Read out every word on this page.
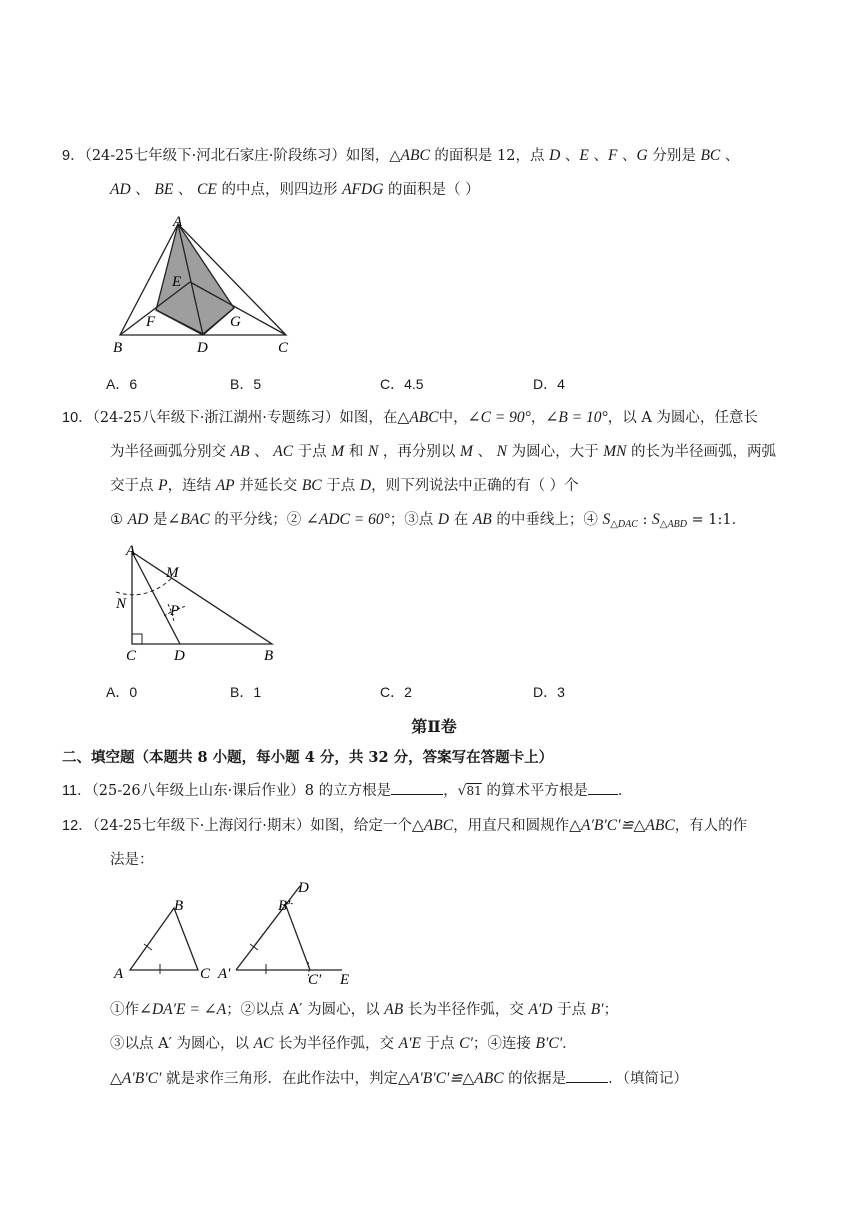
9．（24-25七年级下·河北石家庄·阶段练习）如图，△ABC 的面积是 12，点 D 、E 、F 、G 分别是 BC 、
AD 、 BE 、 CE 的中点，则四边形 AFDG 的面积是（ ）
A
E
F	G
B	D	C
A．6	B．5	C．4.5	D．4
10．（24-25八年级下·浙江湖州·专题练习）如图，在△ABC中，∠C = 90°，∠B = 10°，以 A 为圆心，任意长
为半径画弧分别交 AB 、 AC 于点 M 和 N ，再分别以 M 、 N 为圆心，大于 MN 的长为半径画弧，两弧
交于点 P，连结 AP 并延长交 BC 于点 D，则下列说法中正确的有（ ）个
① AD 是∠BAC 的平分线；② ∠ADC = 60°；③点 D 在 AB 的中垂线上；④ $S_{\triangle DAC}$ : $S_{\triangle ABD}$ = 1:1．
A
M
N	P
C	D	B
A．0	B．1	C．2	D．3
第Ⅱ卷
二、填空题（本题共 8 小题，每小题 4 分，共 32 分，答案写在答题卡上）
11．（25-26八年级上山东·课后作业）8 的立方根是	，√81 的算术平方根是 ．
12．（24-25七年级下·上海闵行·期末）如图，给定一个△ABC，用直尺和圆规作△A′B′C′≌△ABC，有人的作
法是：
A
B
C A′
B′
C′
D
E
①作∠DA′E = ∠A；②以点 A′ 为圆心，以 AB 长为半径作弧，交 A′D 于点 B′；
③以点 A′ 为圆心，以 AC 长为半径作弧，交 A′E 于点 C′；④连接 B′C′．
△A′B′C′ 就是求作三角形．在此作法中，判定△A′B′C′≌△ABC 的依据是	．（填简记）
